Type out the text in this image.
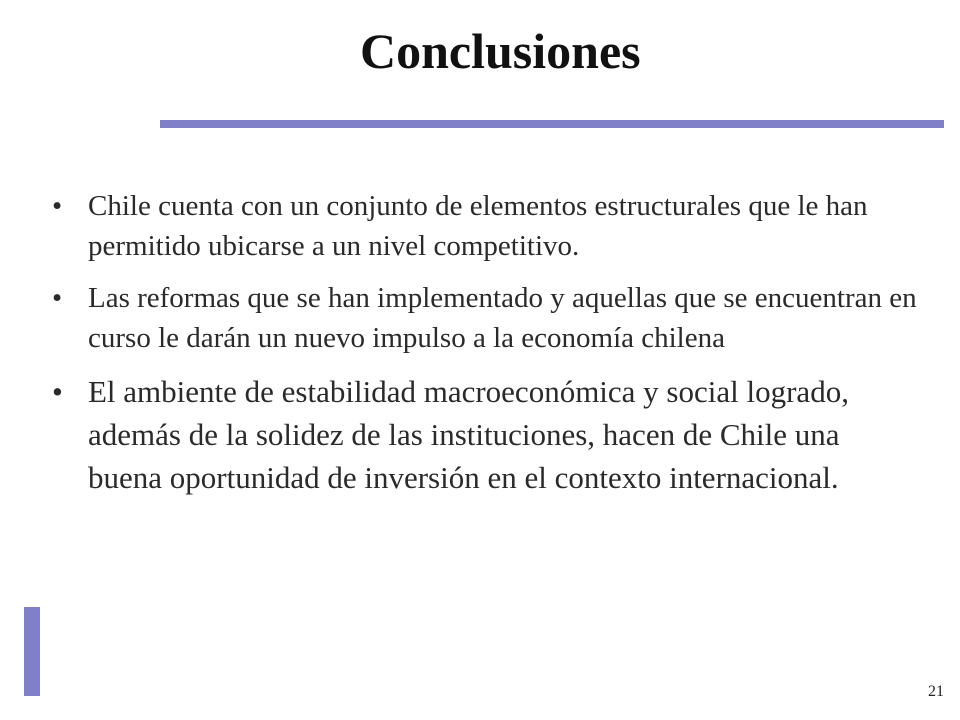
Conclusiones
• Chile cuenta con un conjunto de elementos estructurales que le han permitido ubicarse a un nivel competitivo.
• Las reformas que se han implementado y aquellas que se encuentran en curso le darán un nuevo impulso a la economía chilena
• El ambiente de estabilidad macroeconómica y social logrado, además de la solidez de las instituciones, hacen de Chile una buena oportunidad de inversión en el contexto internacional.
21
